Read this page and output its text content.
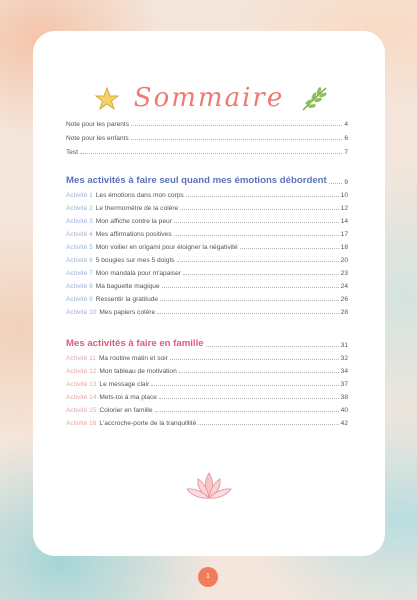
Sommaire
Note pour les parents	4
Note pour les enfants	6
Test	7
Mes activités à faire seul quand mes émotions débordent	9
Activité 1 Les émotions dans mon corps	10
Activité 2 Le thermomètre de la colère	12
Activité 3 Mon affiche contre la peur	14
Activité 4 Mes affirmations positives	17
Activité 5 Mon voilier en origami pour éloigner la négativité	18
Activité 6 5 bougies sur mes 5 doigts	20
Activité 7 Mon mandala pour m'apaiser	23
Activité 8 Ma baguette magique	24
Activité 9 Ressentir la gratitude	26
Activité 10 Mes papiers colère	28
Mes activités à faire en famille	31
Activité 11 Ma routine matin et soir	32
Activité 12 Mon tableau de motivation	34
Activité 13 Le message clair	37
Activité 14 Mets-toi à ma place	38
Activité 15 Colorier en famille	40
Activité 16 L'accroche-porte de la tranquillité	42
1
